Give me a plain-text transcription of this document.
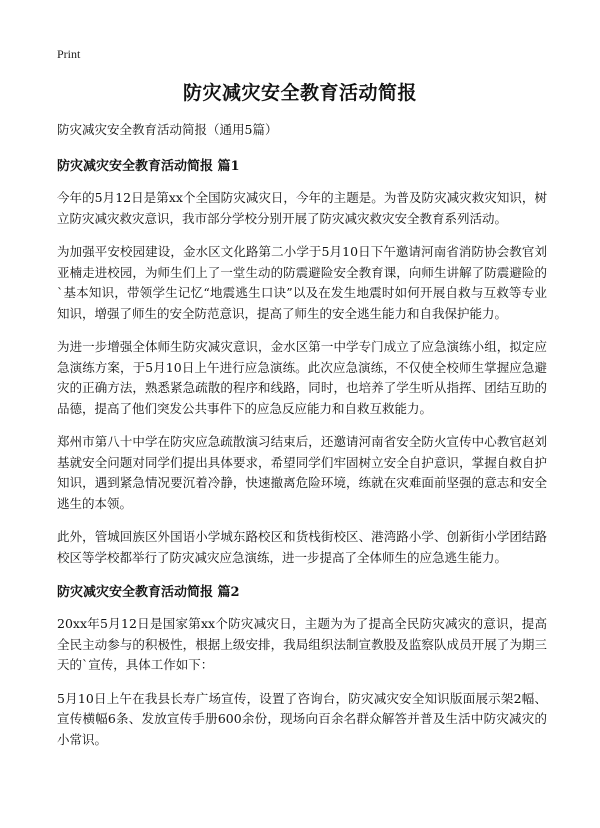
Print
防灾减灾安全教育活动简报

防灾减灾安全教育活动简报（通用5篇）

防灾减灾安全教育活动简报 篇1

今年的5月12日是第xx个全国防灾减灾日，今年的主题是。为普及防灾减灾救灾知识，树立防灾减灾救灾意识，我市部分学校分别开展了防灾减灾救灾安全教育系列活动。

为加强平安校园建设，金水区文化路第二小学于5月10日下午邀请河南省消防协会教官刘亚楠走进校园，为师生们上了一堂生动的防震避险安全教育课，向师生讲解了防震避险的`基本知识，带领学生记忆“地震逃生口诀”以及在发生地震时如何开展自救与互救等专业知识，增强了师生的安全防范意识，提高了师生的安全逃生能力和自我保护能力。

为进一步增强全体师生防灾减灾意识，金水区第一中学专门成立了应急演练小组，拟定应急演练方案，于5月10日上午进行应急演练。此次应急演练，不仅使全校师生掌握应急避灾的正确方法，熟悉紧急疏散的程序和线路，同时，也培养了学生听从指挥、团结互助的品德，提高了他们突发公共事件下的应急反应能力和自救互救能力。

郑州市第八十中学在防灾应急疏散演习结束后，还邀请河南省安全防火宣传中心教官赵刘基就安全问题对同学们提出具体要求，希望同学们牢固树立安全自护意识，掌握自救自护知识，遇到紧急情况要沉着冷静，快速撤离危险环境，练就在灾难面前坚强的意志和安全逃生的本领。

此外，管城回族区外国语小学城东路校区和货栈街校区、港湾路小学、创新街小学团结路校区等学校都举行了防灾减灾应急演练，进一步提高了全体师生的应急逃生能力。

防灾减灾安全教育活动简报 篇2

20xx年5月12日是国家第xx个防灾减灾日，主题为为了提高全民防灾减灾的意识，提高全民主动参与的积极性，根据上级安排，我局组织法制宣教股及监察队成员开展了为期三天的`宣传，具体工作如下：

5月10日上午在我县长寿广场宣传，设置了咨询台，防灾减灾安全知识版面展示架2幅、宣传横幅6条、发放宣传手册600余份，现场向百余名群众解答并普及生活中防灾减灾的小常识。
